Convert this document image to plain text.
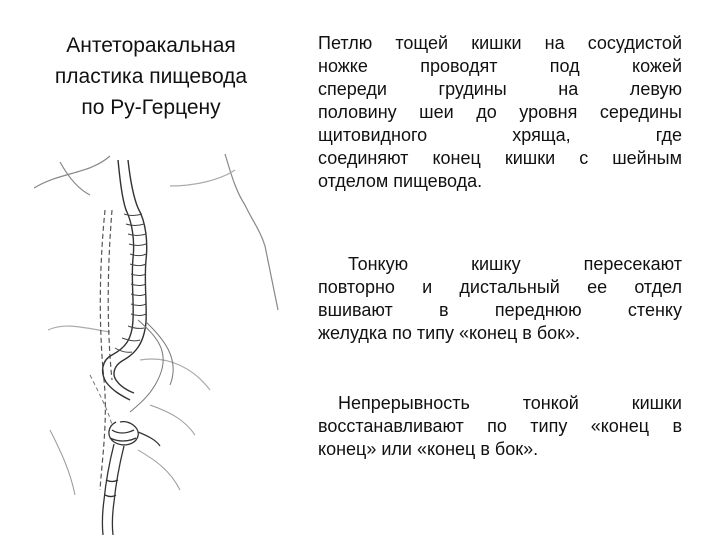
Антеторакальная
пластика пищевода
по Ру-Герцену

Петлю тощей кишки на сосудистой
ножке проводят под кожей
спереди грудины на левую
половину шеи до уровня середины
щитовидного хряща, где
соединяют конец кишки с шейным
отделом пищевода.

Тонкую кишку пересекают
повторно и дистальный ее отдел
вшивают в переднюю стенку
желудка по типу «конец в бок».

Непрерывность тонкой кишки
восстанавливают по типу «конец в
конец» или «конец в бок».
